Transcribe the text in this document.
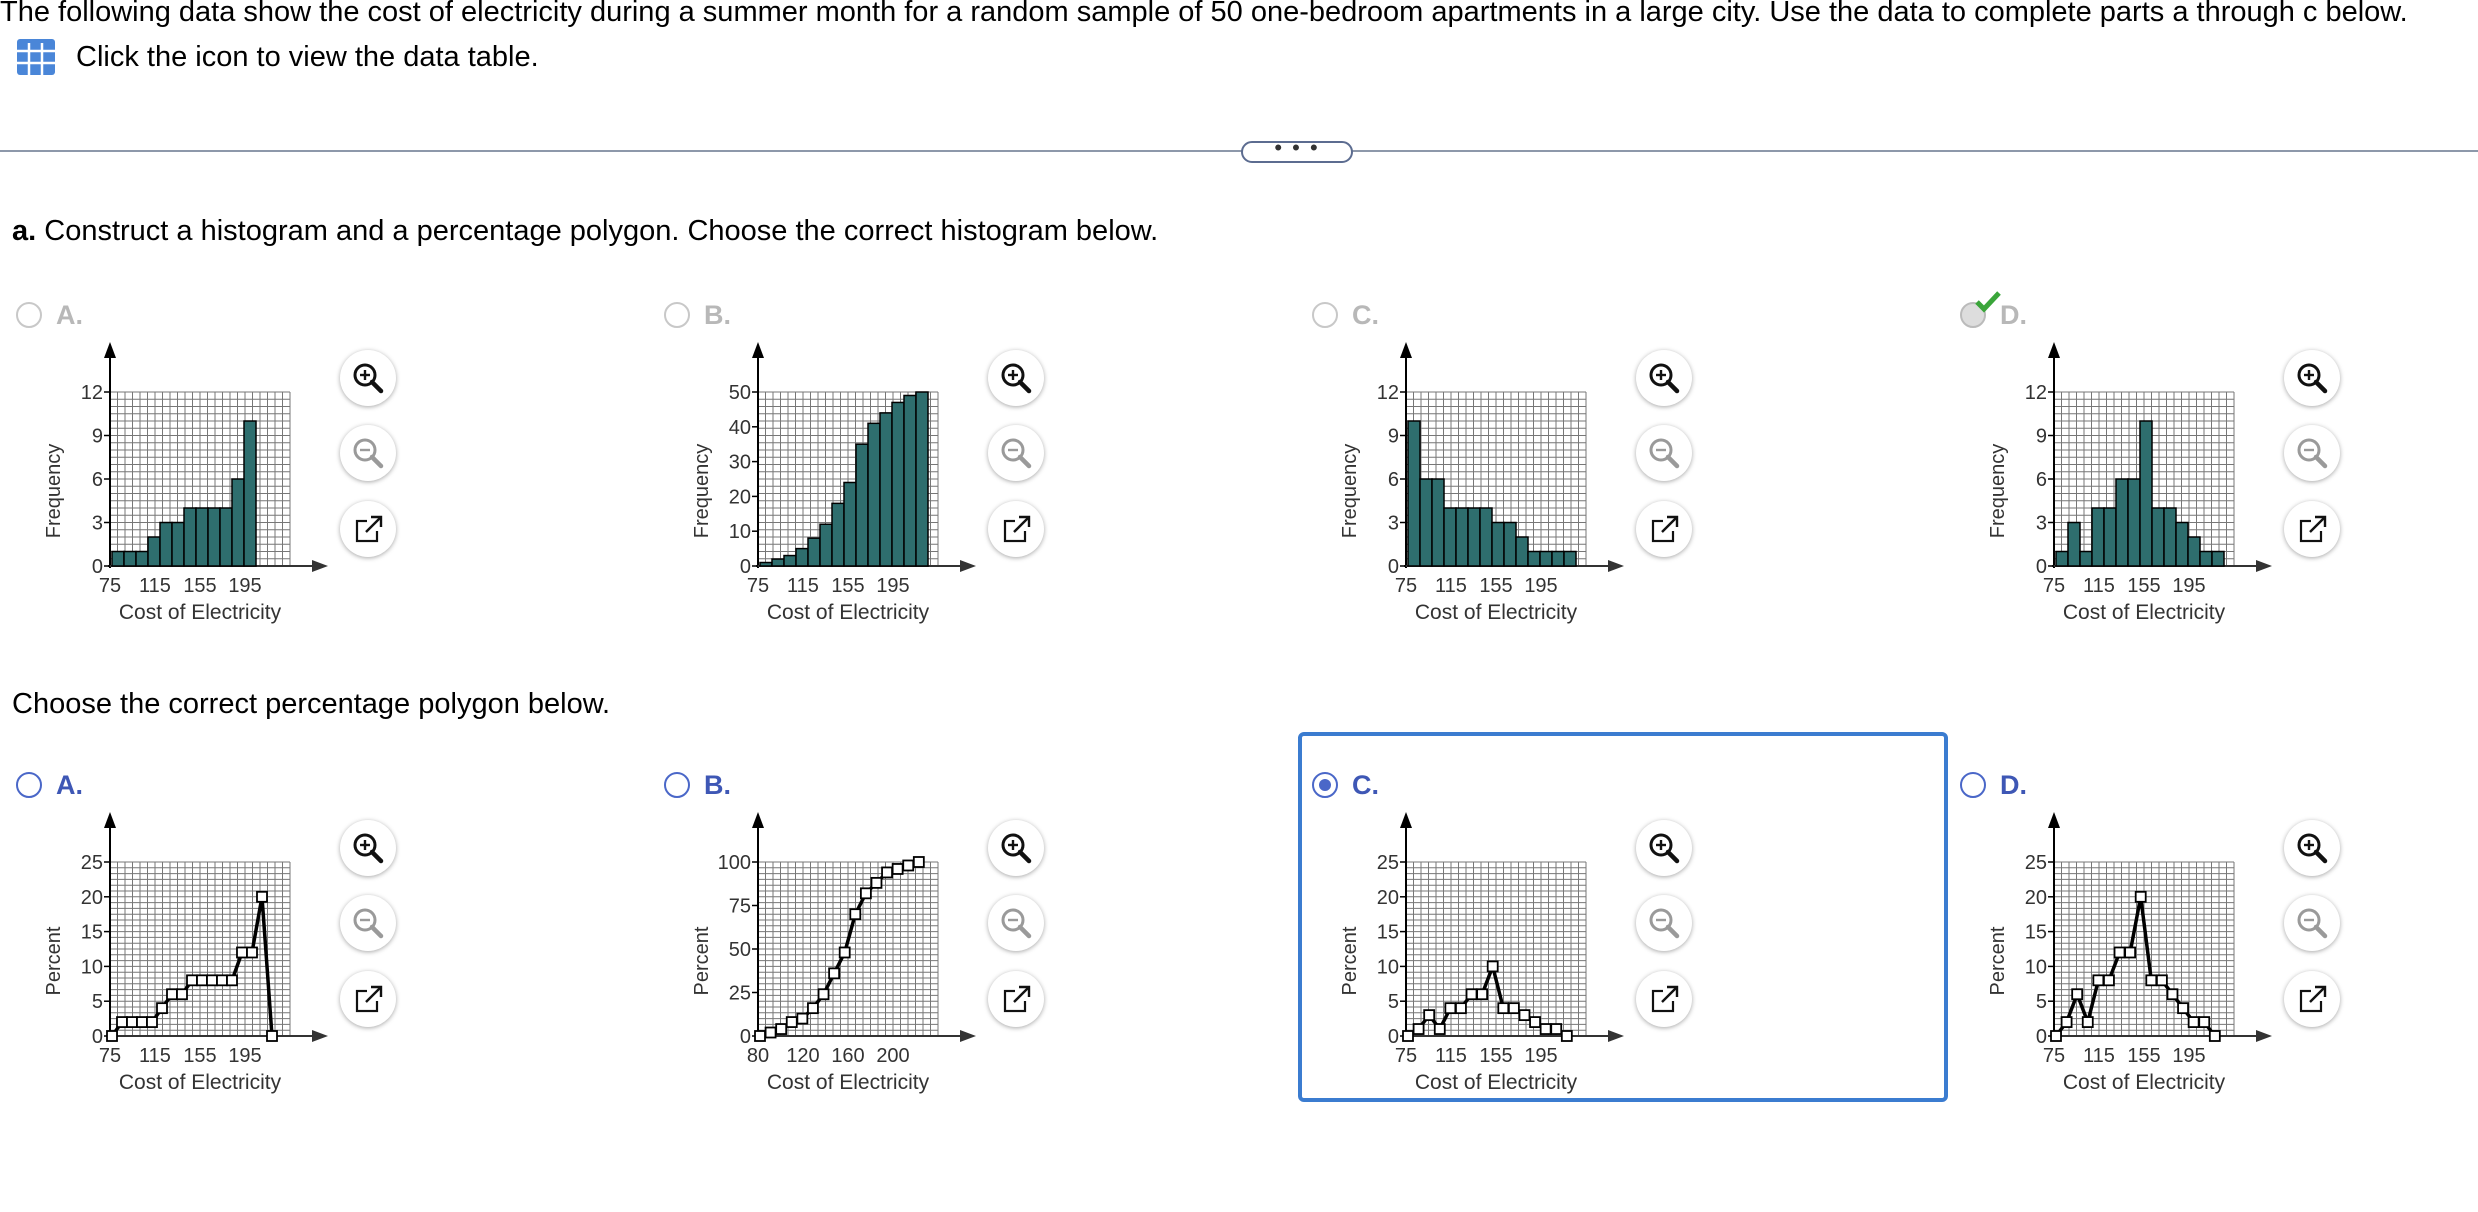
The following data show the cost of electricity during a summer month for a random sample of 50 one-bedroom apartments in a large city. Use the data to complete parts a through c below.
Click the icon to view the data table.
• • •
a. Construct a histogram and a percentage polygon. Choose the correct histogram below.
Choose the correct percentage polygon below.
A.
0
3
6
9
12
75 115 155 195
Cost of Electricity
Frequency
B.
0
10
20
30
40
50
75 115 155 195
Cost of Electricity
Frequency
C.
0
3
6
9
12
75 115 155 195
Cost of Electricity
Frequency
D.
0
3
6
9
12
75 115 155 195
Cost of Electricity
Frequency
A.
0
5
10
15
20
25
75 115 155 195
Cost of Electricity
Percent
B.
0
25
50
75
100
80 120 160 200
Cost of Electricity
Percent
C.
0
5
10
15
20
25
75 115 155 195
Cost of Electricity
Percent
D.
0
5
10
15
20
25
75 115 155 195
Cost of Electricity
Percent
